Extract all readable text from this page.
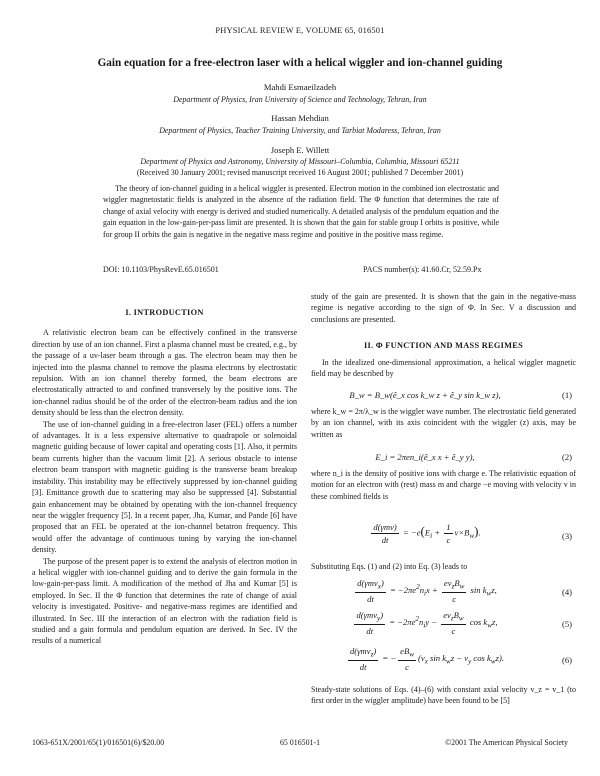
PHYSICAL REVIEW E, VOLUME 65, 016501
Gain equation for a free-electron laser with a helical wiggler and ion-channel guiding
Mahdi Esmaeilzadeh
Department of Physics, Iran University of Science and Technology, Tehran, Iran
Hassan Mehdian
Department of Physics, Teacher Training University, and Tarbiat Modaress, Tehran, Iran
Joseph E. Willett
Department of Physics and Astronomy, University of Missouri–Columbia, Columbia, Missouri 65211
(Received 30 January 2001; revised manuscript received 16 August 2001; published 7 December 2001)
The theory of ion-channel guiding in a helical wiggler is presented. Electron motion in the combined ion electrostatic and wiggler magnetostatic fields is analyzed in the absence of the radiation field. The Φ function that determines the rate of change of axial velocity with energy is derived and studied numerically. A detailed analysis of the pendulum equation and the gain equation in the low-gain-per-pass limit are presented. It is shown that the gain for stable group I orbits is positive, while for group II orbits the gain is negative in the negative mass regime and positive in the positive mass regime.
DOI: 10.1103/PhysRevE.65.016501	PACS number(s): 41.60.Cr, 52.59.Px
I. INTRODUCTION

A relativistic electron beam can be effectively confined in the transverse direction by use of an ion channel. First a plasma channel must be created, e.g., by the passage of a uv-laser beam through a gas. The electron beam may then be injected into the plasma channel to remove the plasma electrons by electrostatic repulsion. With an ion channel thereby formed, the beam electrons are electrostatically attracted to and confined transversely by the positive ions. The ion-channel radius should be of the order of the electron-beam radius and the ion density should be less than the electron density.

The use of ion-channel guiding in a free-electron laser (FEL) offers a number of advantages. It is a less expensive alternative to quadrapole or solenoidal magnetic guiding because of lower capital and operating costs [1]. Also, it permits beam currents higher than the vacuum limit [2]. A serious obstacle to intense electron beam transport with magnetic guiding is the transverse beam breakup instability. This instability may be effectively suppressed by ion-channel guiding [3]. Emittance growth due to scattering may also be suppressed [4]. Substantial gain enhancement may be obtained by operating with the ion-channel frequency near the wiggler frequency [5]. In a recent paper, Jha, Kumar, and Pande [6] have proposed that an FEL be operated at the ion-channel betatron frequency. This would offer the advantage of continuous tuning by varying the ion-channel density.

The purpose of the present paper is to extend the analysis of electron motion in a helical wiggler with ion-channel guiding and to derive the gain formula in the low-gain-per-pass limit. A modification of the method of Jha and Kumar [5] is employed. In Sec. II the Φ function that determines the rate of change of axial velocity is investigated. Positive- and negative-mass regimes are identified and illustrated. In Sec. III the interaction of an electron with the radiation field is studied and a gain formula and pendulum equation are derived. In Sec. IV the results of a numerical

study of the gain are presented. It is shown that the gain in the negative-mass regime is negative according to the sign of Φ. In Sec. V a discussion and conclusions are presented.

II. Φ FUNCTION AND MASS REGIMES

In the idealized one-dimensional approximation, a helical wiggler magnetic field may be described by

B_w = B_w(ê_x cos k_w z + ê_y sin k_w z),	(1)

where k_w = 2π/λ_w is the wiggler wave number. The electrostatic field generated by an ion channel, with its axis coincident with the wiggler (z) axis, may be written as

E_i = 2πen_i(ê_x x + ê_y y),	(2)

where n_i is the density of positive ions with charge e. The relativistic equation of motion for an electron with (rest) mass m and charge −e moving with velocity v in these combined fields is

$\frac{\text{d(γmv)}}{dt} = -e(E_i + \frac{1}{c} v\times B_w)$.	(3)

Substituting Eqs. (1) and (2) into Eq. (3) leads to

$\frac{d(\gamma mv_x)}{dt} = -2\pi e^2n_ix + \frac{ev_zB_w}{c}$ $\sin k_wz$,	(4)
$\frac{d(\gamma mv_y)}{dt} = -2\pi e^2n_iy - \frac{ev_zB_w}{c}$ $\cos k_wz$,	(5)
$\frac{d(\gamma mv_z)}{dt}$ = − $\frac{eB_w}{c} (v_x$ $\sin k_wz - v_y$ $\cos k_wz$).	(6)

Steady-state solutions of Eqs. (4)–(6) with constant axial velocity v_z = v_1 (to first order in the wiggler amplitude) have been found to be [5]

1063-651X/2001/65(1)/016501(6)/$20.00	65 016501-1	©2001 The American Physical Society
